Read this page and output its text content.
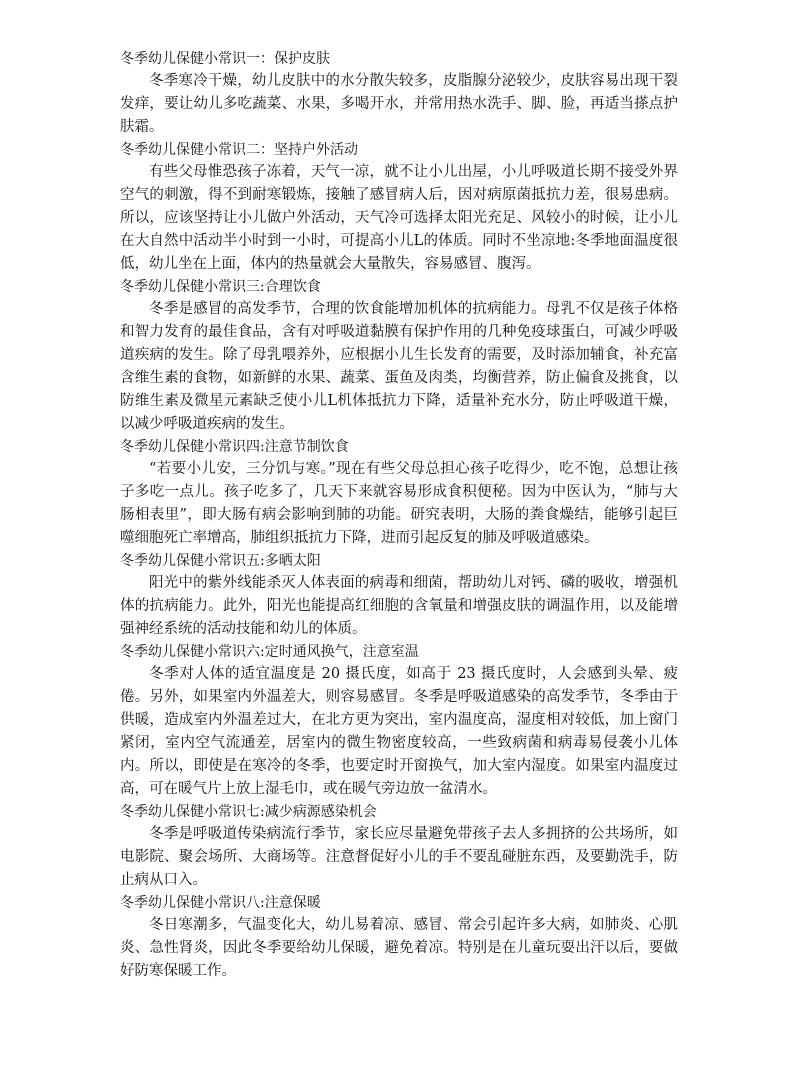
冬季幼儿保健小常识一：保护皮肤

冬季寒冷干燥，幼儿皮肤中的水分散失较多，皮脂腺分泌较少，皮肤容易出现干裂发痒，要让幼儿多吃蔬菜、水果，多喝开水，并常用热水洗手、脚、脸，再适当搽点护肤霜。

冬季幼儿保健小常识二：坚持户外活动

有些父母惟恐孩子冻着，天气一凉，就不让小儿出屋，小儿呼吸道长期不接受外界空气的刺激，得不到耐寒锻炼，接触了感冒病人后，因对病原菌抵抗力差，很易患病。所以，应该坚持让小儿做户外活动，天气冷可选择太阳光充足、风较小的时候，让小儿在大自然中活动半小时到一小时，可提高小儿L的体质。同时不坐凉地:冬季地面温度很低，幼儿坐在上面，体内的热量就会大量散失，容易感冒、腹泻。

冬季幼儿保健小常识三:合理饮食

冬季是感冒的高发季节，合理的饮食能增加机体的抗病能力。母乳不仅是孩子体格和智力发育的最佳食品，含有对呼吸道黏膜有保护作用的几种免疫球蛋白，可减少呼吸道疾病的发生。除了母乳喂养外，应根据小儿生长发育的需要，及时添加辅食，补充富含维生素的食物，如新鲜的水果、蔬菜、蛋鱼及肉类，均衡营养，防止偏食及挑食，以防维生素及微星元素缺乏使小儿L机体抵抗力下降，适量补充水分，防止呼吸道干燥，以减少呼吸道疾病的发生。

冬季幼儿保健小常识四:注意节制饮食

“若要小儿安，三分饥与寒。”现在有些父母总担心孩子吃得少，吃不饱，总想让孩子多吃一点儿。孩子吃多了，几天下来就容易形成食积便秘。因为中医认为，“肺与大肠相表里”，即大肠有病会影响到肺的功能。研究表明，大肠的粪食燥结，能够引起巨噬细胞死亡率增高，肺组织抵抗力下降，进而引起反复的肺及呼吸道感染。

冬季幼儿保健小常识五:多晒太阳

阳光中的紫外线能杀灭人体表面的病毒和细菌，帮助幼儿对钙、磷的吸收，增强机体的抗病能力。此外，阳光也能提高红细胞的含氧量和增强皮肤的调温作用，以及能增强神经系统的活动技能和幼儿的体质。

冬季幼儿保健小常识六:定时通风换气，注意室温

冬季对人体的适宜温度是 20 摄氏度，如高于 23 摄氏度时，人会感到头晕、疲倦。另外，如果室内外温差大，则容易感冒。冬季是呼吸道感染的高发季节，冬季由于供暖，造成室内外温差过大，在北方更为突出，室内温度高，湿度相对较低，加上窗门紧闭，室内空气流通差，居室内的微生物密度较高，一些致病菌和病毒易侵袭小儿体内。所以，即使是在寒冷的冬季，也要定时开窗换气，加大室内湿度。如果室内温度过高，可在暖气片上放上湿毛巾，或在暖气旁边放一盆清水。

冬季幼儿保健小常识七:减少病源感染机会

冬季是呼吸道传染病流行季节，家长应尽量避免带孩子去人多拥挤的公共场所，如电影院、聚会场所、大商场等。注意督促好小儿的手不要乱碰脏东西，及要勤洗手，防止病从口入。

冬季幼儿保健小常识八:注意保暖

冬日寒潮多，气温变化大，幼儿易着凉、感冒、常会引起许多大病，如肺炎、心肌炎、急性肾炎，因此冬季要给幼儿保暖，避免着凉。特别是在儿童玩耍出汗以后，要做好防寒保暖工作。
